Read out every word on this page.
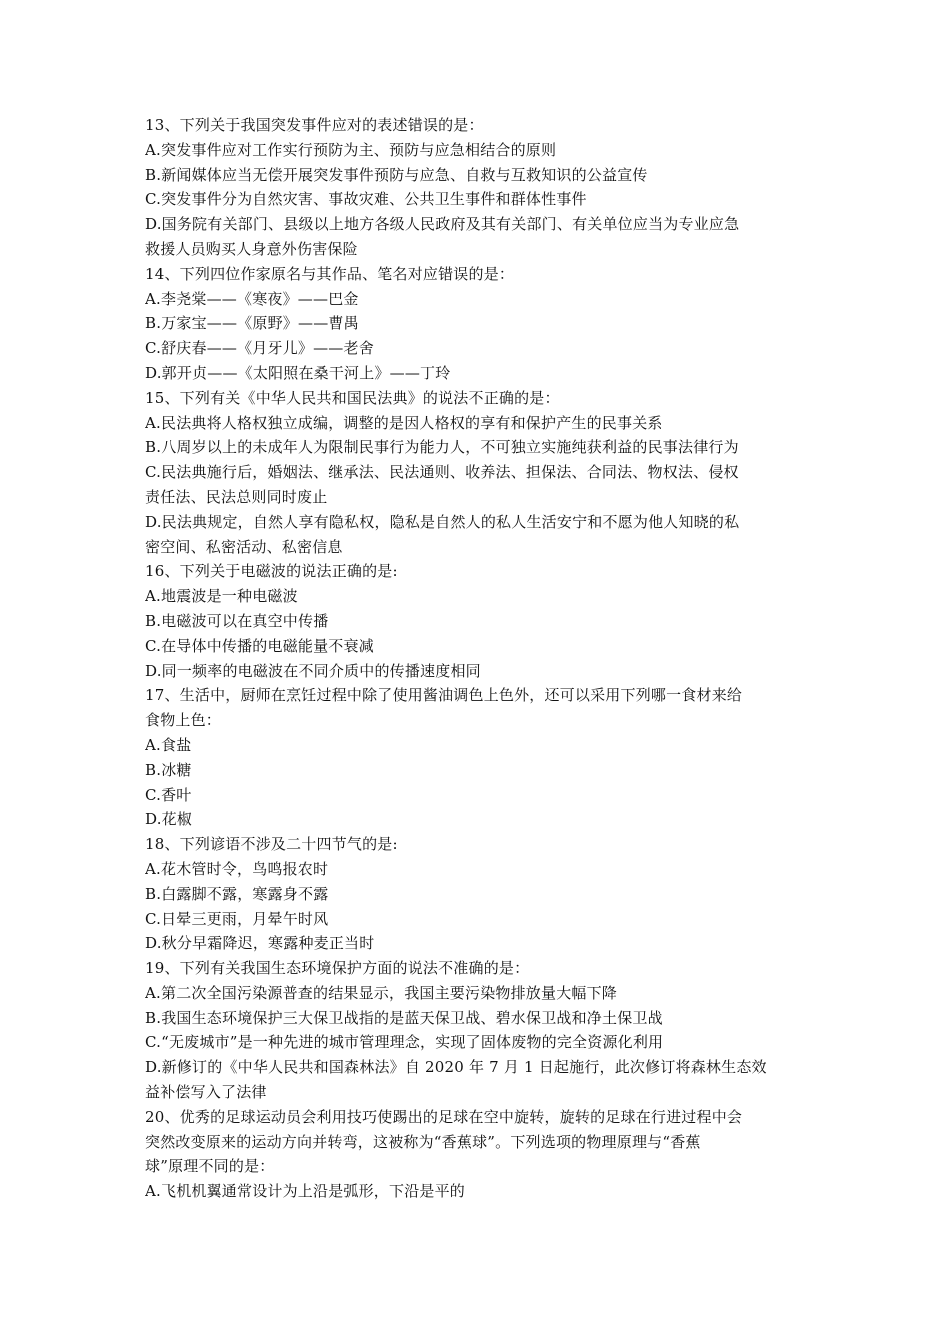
13、下列关于我国突发事件应对的表述错误的是：
A.突发事件应对工作实行预防为主、预防与应急相结合的原则
B.新闻媒体应当无偿开展突发事件预防与应急、自救与互救知识的公益宣传
C.突发事件分为自然灾害、事故灾难、公共卫生事件和群体性事件
D.国务院有关部门、县级以上地方各级人民政府及其有关部门、有关单位应当为专业应急
救援人员购买人身意外伤害保险
14、下列四位作家原名与其作品、笔名对应错误的是：
A.李尧棠——《寒夜》——巴金
B.万家宝——《原野》——曹禺
C.舒庆春——《月牙儿》——老舍
D.郭开贞——《太阳照在桑干河上》——丁玲
15、下列有关《中华人民共和国民法典》的说法不正确的是：
A.民法典将人格权独立成编，调整的是因人格权的享有和保护产生的民事关系
B.八周岁以上的未成年人为限制民事行为能力人，不可独立实施纯获利益的民事法律行为
C.民法典施行后，婚姻法、继承法、民法通则、收养法、担保法、合同法、物权法、侵权
责任法、民法总则同时废止
D.民法典规定，自然人享有隐私权，隐私是自然人的私人生活安宁和不愿为他人知晓的私
密空间、私密活动、私密信息
16、下列关于电磁波的说法正确的是:
A.地震波是一种电磁波
B.电磁波可以在真空中传播
C.在导体中传播的电磁能量不衰减
D.同一频率的电磁波在不同介质中的传播速度相同
17、生活中，厨师在烹饪过程中除了使用酱油调色上色外，还可以采用下列哪一食材来给
食物上色：
A.食盐
B.冰糖
C.香叶
D.花椒
18、下列谚语不涉及二十四节气的是:
A.花木管时令，鸟鸣报农时
B.白露脚不露，寒露身不露
C.日晕三更雨，月晕午时风
D.秋分早霜降迟，寒露种麦正当时
19、下列有关我国生态环境保护方面的说法不准确的是：
A.第二次全国污染源普查的结果显示，我国主要污染物排放量大幅下降
B.我国生态环境保护三大保卫战指的是蓝天保卫战、碧水保卫战和净土保卫战
C.“无废城市”是一种先进的城市管理理念，实现了固体废物的完全资源化利用
D.新修订的《中华人民共和国森林法》自 2020 年 7 月 1 日起施行，此次修订将森林生态效
益补偿写入了法律
20、优秀的足球运动员会利用技巧使踢出的足球在空中旋转，旋转的足球在行进过程中会
突然改变原来的运动方向并转弯，这被称为“香蕉球”。下列选项的物理原理与“香蕉
球”原理不同的是：
A.飞机机翼通常设计为上沿是弧形，下沿是平的
